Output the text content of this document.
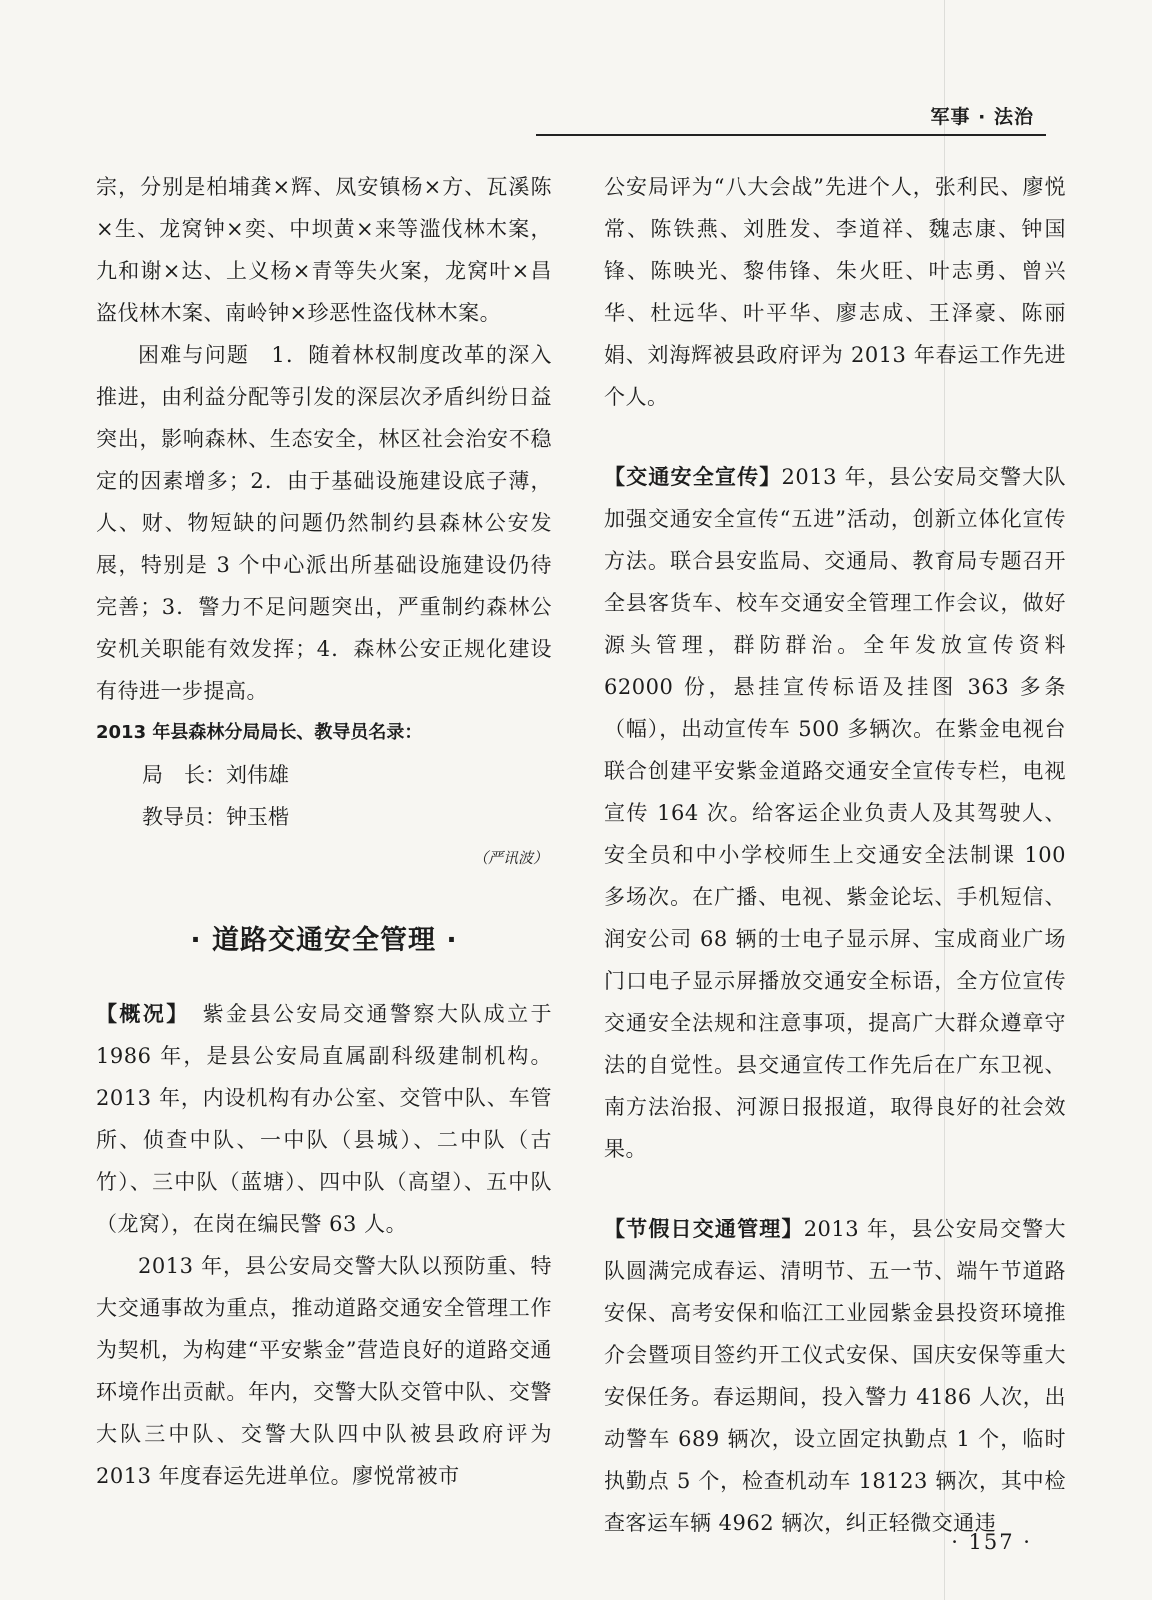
军事 · 法治

宗，分别是柏埔龚×辉、凤安镇杨×方、瓦溪陈×生、龙窝钟×奕、中坝黄×来等滥伐林木案，九和谢×达、上义杨×青等失火案，龙窝叶×昌盗伐林木案、南岭钟×珍恶性盗伐林木案。

困难与问题　1．随着林权制度改革的深入推进，由利益分配等引发的深层次矛盾纠纷日益突出，影响森林、生态安全，林区社会治安不稳定的因素增多；2．由于基础设施建设底子薄，人、财、物短缺的问题仍然制约县森林公安发展，特别是 3 个中心派出所基础设施建设仍待完善；3．警力不足问题突出，严重制约森林公安机关职能有效发挥；4．森林公安正规化建设有待进一步提高。

2013 年县森林分局局长、教导员名录：

局　长：刘伟雄

教导员：钟玉楷

（严讯波）

· 道路交通安全管理 ·

【概况】　 紫金县公安局交通警察大队成立于 1986 年，是县公安局直属副科级建制机构。2013 年，内设机构有办公室、交管中队、车管所、侦查中队、一中队（县城）、二中队（古竹）、三中队（蓝塘）、四中队（高望）、五中队（龙窝），在岗在编民警 63 人。

2013 年，县公安局交警大队以预防重、特大交通事故为重点，推动道路交通安全管理工作为契机，为构建“平安紫金”营造良好的道路交通环境作出贡献。年内，交警大队交管中队、交警大队三中队、交警大队四中队被县政府评为 2013 年度春运先进单位。廖悦常被市

公安局评为“八大会战”先进个人，张利民、廖悦常、陈铁燕、刘胜发、李道祥、魏志康、钟国锋、陈映光、黎伟锋、朱火旺、叶志勇、曾兴华、杜远华、叶平华、廖志成、王泽豪、陈丽娟、刘海辉被县政府评为 2013 年春运工作先进个人。

【交通安全宣传】2013 年，县公安局交警大队加强交通安全宣传“五进”活动，创新立体化宣传方法。联合县安监局、交通局、教育局专题召开全县客货车、校车交通安全管理工作会议，做好源头管理，群防群治。全年发放宣传资料 62000 份，悬挂宣传标语及挂图 363 多条（幅），出动宣传车 500 多辆次。在紫金电视台联合创建平安紫金道路交通安全宣传专栏，电视宣传 164 次。给客运企业负责人及其驾驶人、安全员和中小学校师生上交通安全法制课 100 多场次。在广播、电视、紫金论坛、手机短信、润安公司 68 辆的士电子显示屏、宝成商业广场门口电子显示屏播放交通安全标语，全方位宣传交通安全法规和注意事项，提高广大群众遵章守法的自觉性。县交通宣传工作先后在广东卫视、南方法治报、河源日报报道，取得良好的社会效果。

【节假日交通管理】2013 年，县公安局交警大队圆满完成春运、清明节、五一节、端午节道路安保、高考安保和临江工业园紫金县投资环境推介会暨项目签约开工仪式安保、国庆安保等重大安保任务。春运期间，投入警力 4186 人次，出动警车 689 辆次，设立固定执勤点 1 个，临时执勤点 5 个，检查机动车 18123 辆次，其中检查客运车辆 4962 辆次，纠正轻微交通违

· 157 ·
